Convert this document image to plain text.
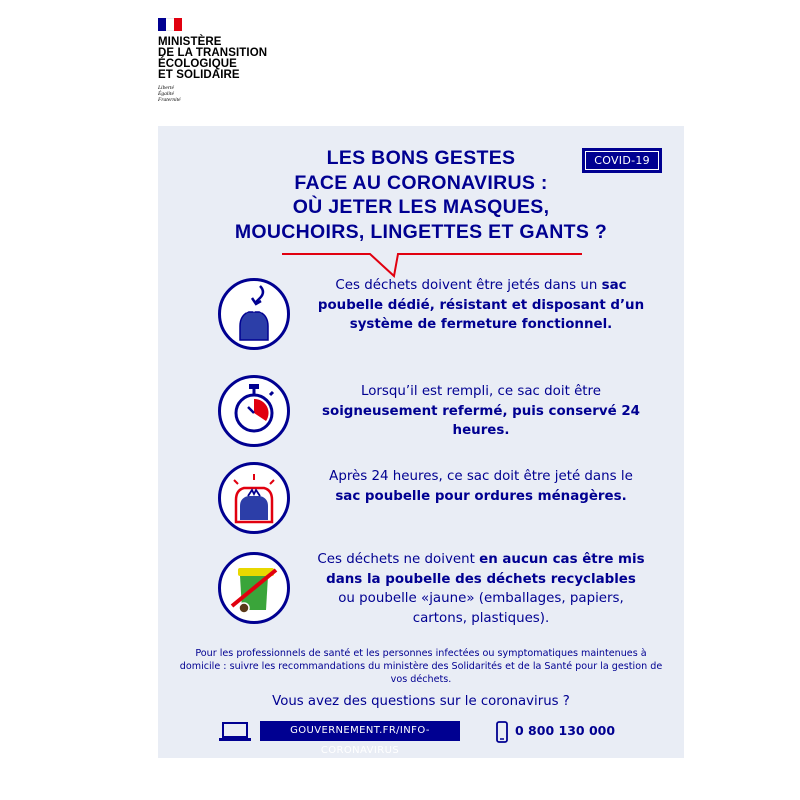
MINISTÈRE
DE LA TRANSITION
ÉCOLOGIQUE
ET SOLIDAIRE
Liberté
Égalité
Fraternité
COVID-19
LES BONS GESTES
FACE AU CORONAVIRUS :
OÙ JETER LES MASQUES,
MOUCHOIRS, LINGETTES ET GANTS ?
Ces déchets doivent être jetés dans un sac poubelle dédié, résistant et disposant d’un système de fermeture fonctionnel.
Lorsqu’il est rempli, ce sac doit être soigneusement refermé, puis conservé 24 heures.
Après 24 heures, ce sac doit être jeté dans le sac poubelle pour ordures ménagères.
Ces déchets ne doivent en aucun cas être mis dans la poubelle des déchets recyclables ou poubelle «jaune» (emballages, papiers, cartons, plastiques).
Pour les professionnels de santé et les personnes infectées ou symptomatiques maintenues à domicile : suivre les recommandations du ministère des Solidarités et de la Santé pour la gestion de vos déchets.
Vous avez des questions sur le coronavirus ?
GOUVERNEMENT.FR/INFO-CORONAVIRUS
0 800 130 000
